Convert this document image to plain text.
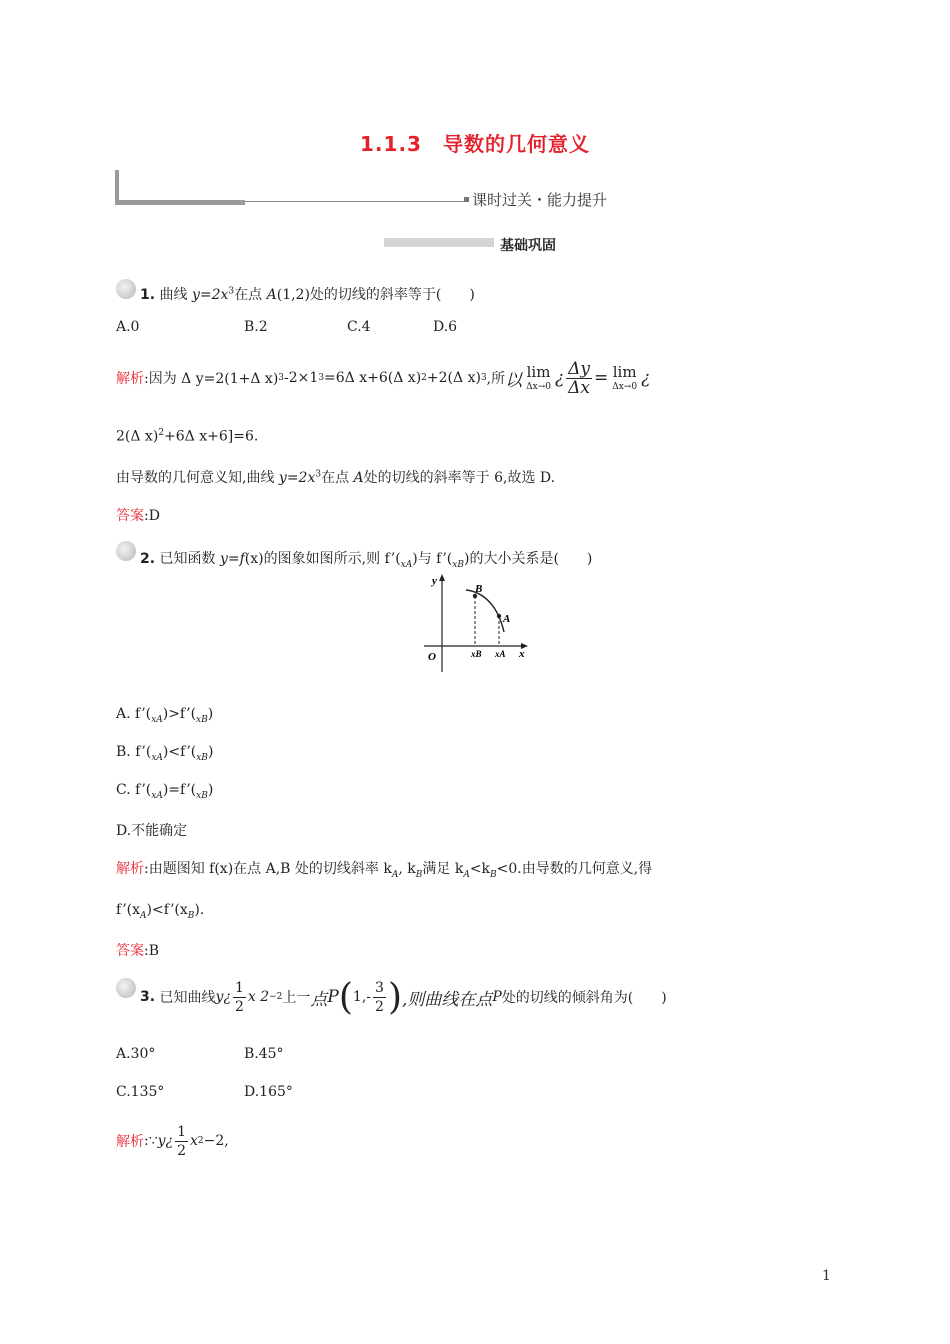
1.1.3　导数的几何意义
课时过关・能力提升
基础巩固
1. 曲线 $y=2x^3$在点 A(1,2)处的切线的斜率等于(　　)
A.0	B.2	C.4	D.6
解析 :因为 Δ y=2(1+Δ x) 3 -2×1 3 =6Δ x+6(Δ x) 2 +2(Δ x) 3 ,所 以 lim
Δx→0 ¿ $\frac{\Delta y}{\Delta x} = \lim$
Δx→0 ¿
2(Δ x)$^2$+6Δ x+6]=6.
由导数的几何意义知,曲线 $y=2x^3$在点 A处的切线的斜率等于 6,故选 D.
答案:D
2. 已知函数 y=f(x)的图象如图所示,则 $f’(_{xA})$与 $f’(_{xB})$的大小关系是(　　)
y
O	x
B
A
xB xA
A. $f’(_{xA})>f’(_{xB})$
B. $f’(_{xA})<f’(_{xB})$
C. $f’(_{xA})=f’(_{xB})$
D.不能确定
解析:由题图知 f(x)在点 A,B 处的切线斜率 $k_A$, $k_B$满足 $k_A<k_B<0$.由导数的几何意义,得
$f’(x_A)<f’(x_B)$.
答案:B
3.
已知曲线 y ¿ $\frac{1}{2}$ x 2 −2 上一 点 P ( $1,- \frac{3}{2}$ ) ,则曲线在点 P 处的切线的倾斜角为(　　)
A.30°	B.45°
C.135°	D.165°
解析 :∵ y ¿ $\frac{1}{2}$ x 2 −2,
1
